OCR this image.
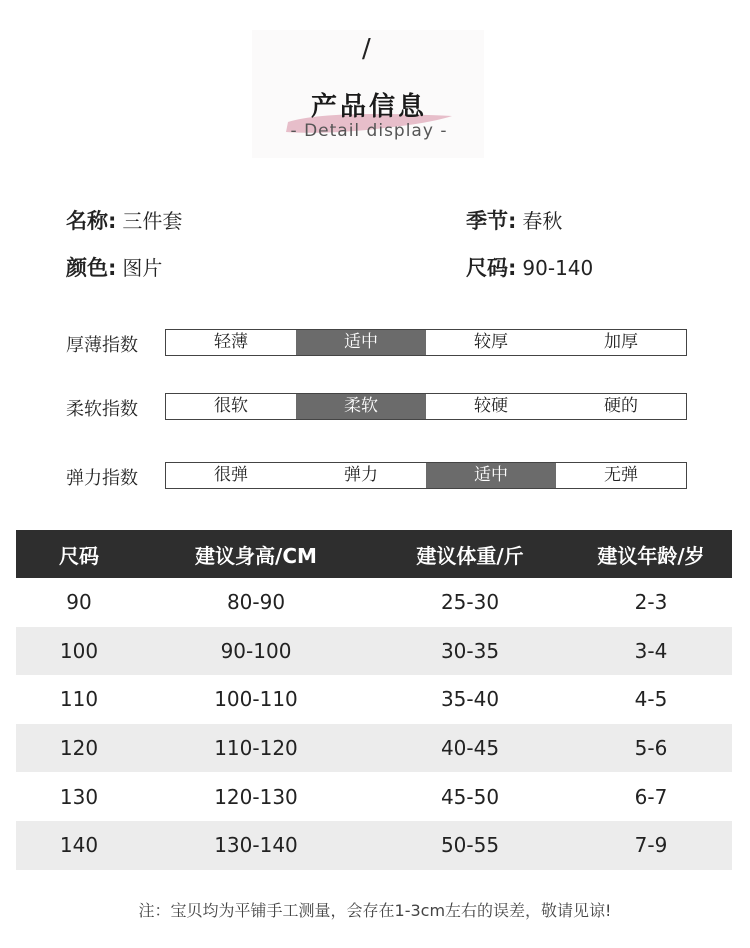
/
产品信息
- Detail display -
名称: 三件套	季节: 春秋
颜色: 图片	尺码: 90-140
厚薄指数	轻薄	适中	较厚	加厚
柔软指数	很软	柔软	较硬	硬的
弹力指数	很弹	弹力	适中	无弹
尺码	建议身高/CM	建议体重/斤	建议年龄/岁
90	80-90	25-30	2-3
100	90-100	30-35	3-4
110	100-110	35-40	4-5
120	110-120	40-45	5-6
130	120-130	45-50	6-7
140	130-140	50-55	7-9
注：宝贝均为平铺手工测量，会存在1-3cm左右的误差，敬请见谅!
